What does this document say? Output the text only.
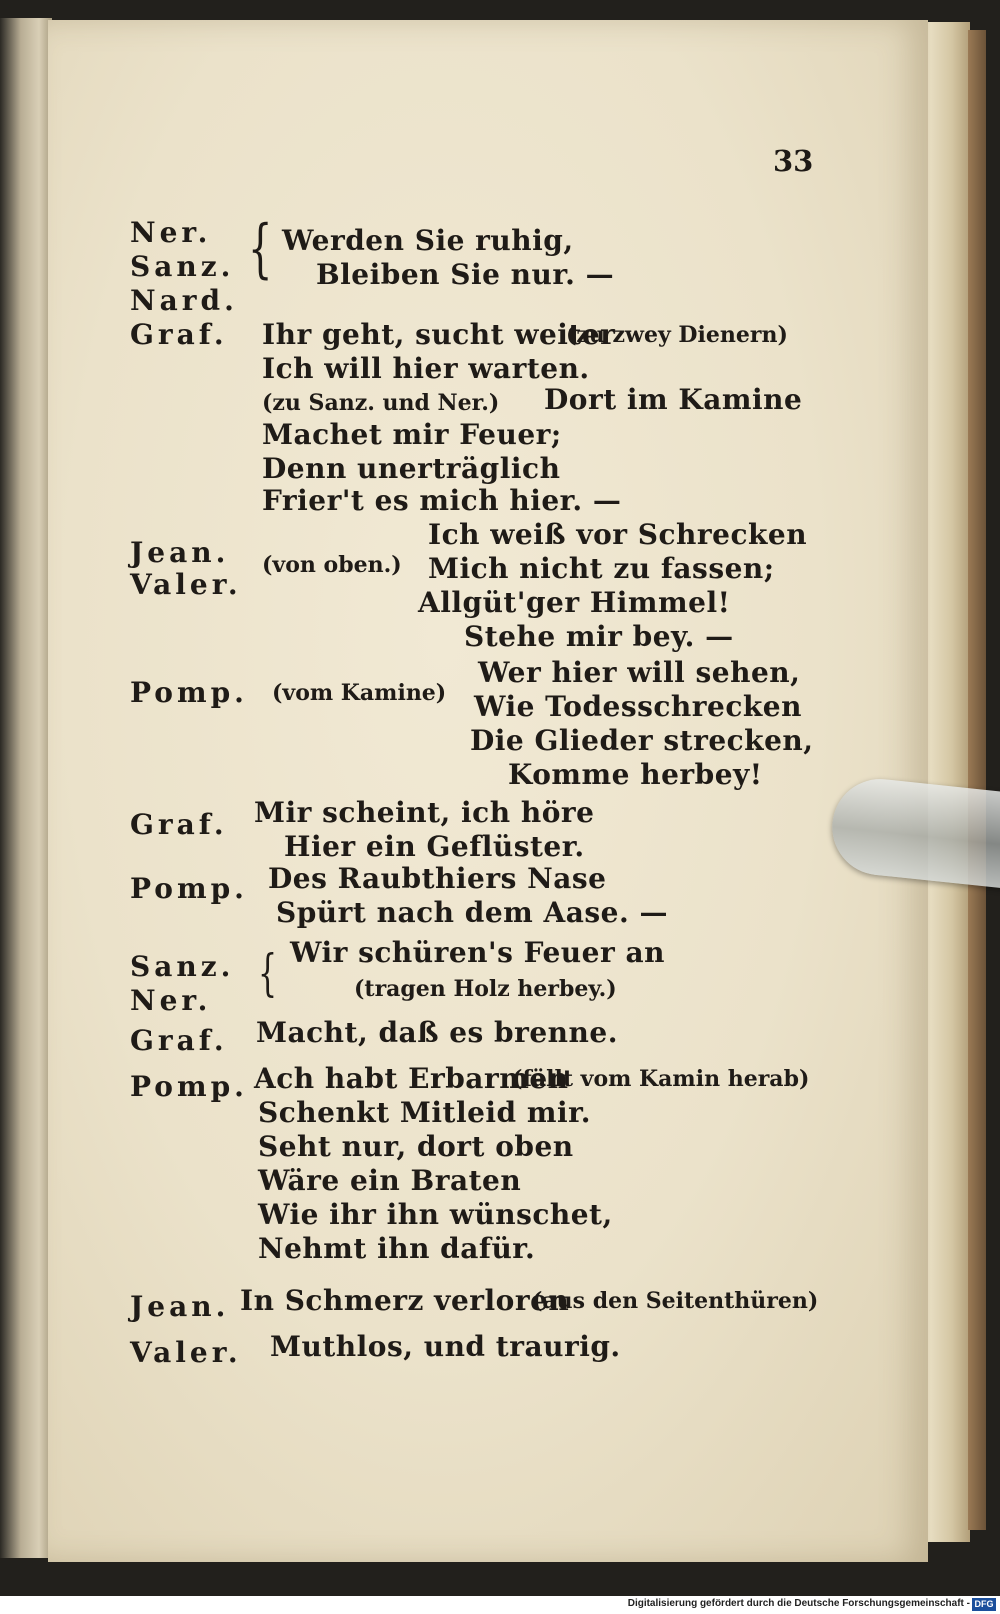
33
Ner.
Sanz.
Nard.
{ Werden Sie ruhig,
Bleiben Sie nur. —
Graf. Ihr geht, sucht weiter
(zu zwey Dienern)
Ich will hier warten.
(zu Sanz. und Ner.) Dort im Kamine
Machet mir Feuer;
Denn unerträglich
Frier't es mich hier. —
Jean.
Valer.
(von oben.)
Ich weiß vor Schrecken
Mich nicht zu fassen;
Allgüt'ger Himmel!
Stehe mir bey. —
Pomp. (vom Kamine)
Wer hier will sehen,
Wie Todesschrecken
Die Glieder strecken,
Komme herbey!
Graf. Mir scheint, ich höre
Hier ein Geflüster.
Pomp. Des Raubthiers Nase
Spürt nach dem Aase. —
Sanz.
Ner. { Wir schüren's Feuer an
(tragen Holz herbey.)
Graf. Macht, daß es brenne.
Pomp. Ach habt Erbarmen
(fällt vom Kamin herab)
Schenkt Mitleid mir.
Seht nur, dort oben
Wäre ein Braten
Wie ihr ihn wünschet,
Nehmt ihn dafür.
Jean. In Schmerz verloren
(aus den Seitenthüren)
Valer. Muthlos, und traurig.
Digitalisierung gefördert durch die Deutsche Forschungsgemeinschaft - DFG
